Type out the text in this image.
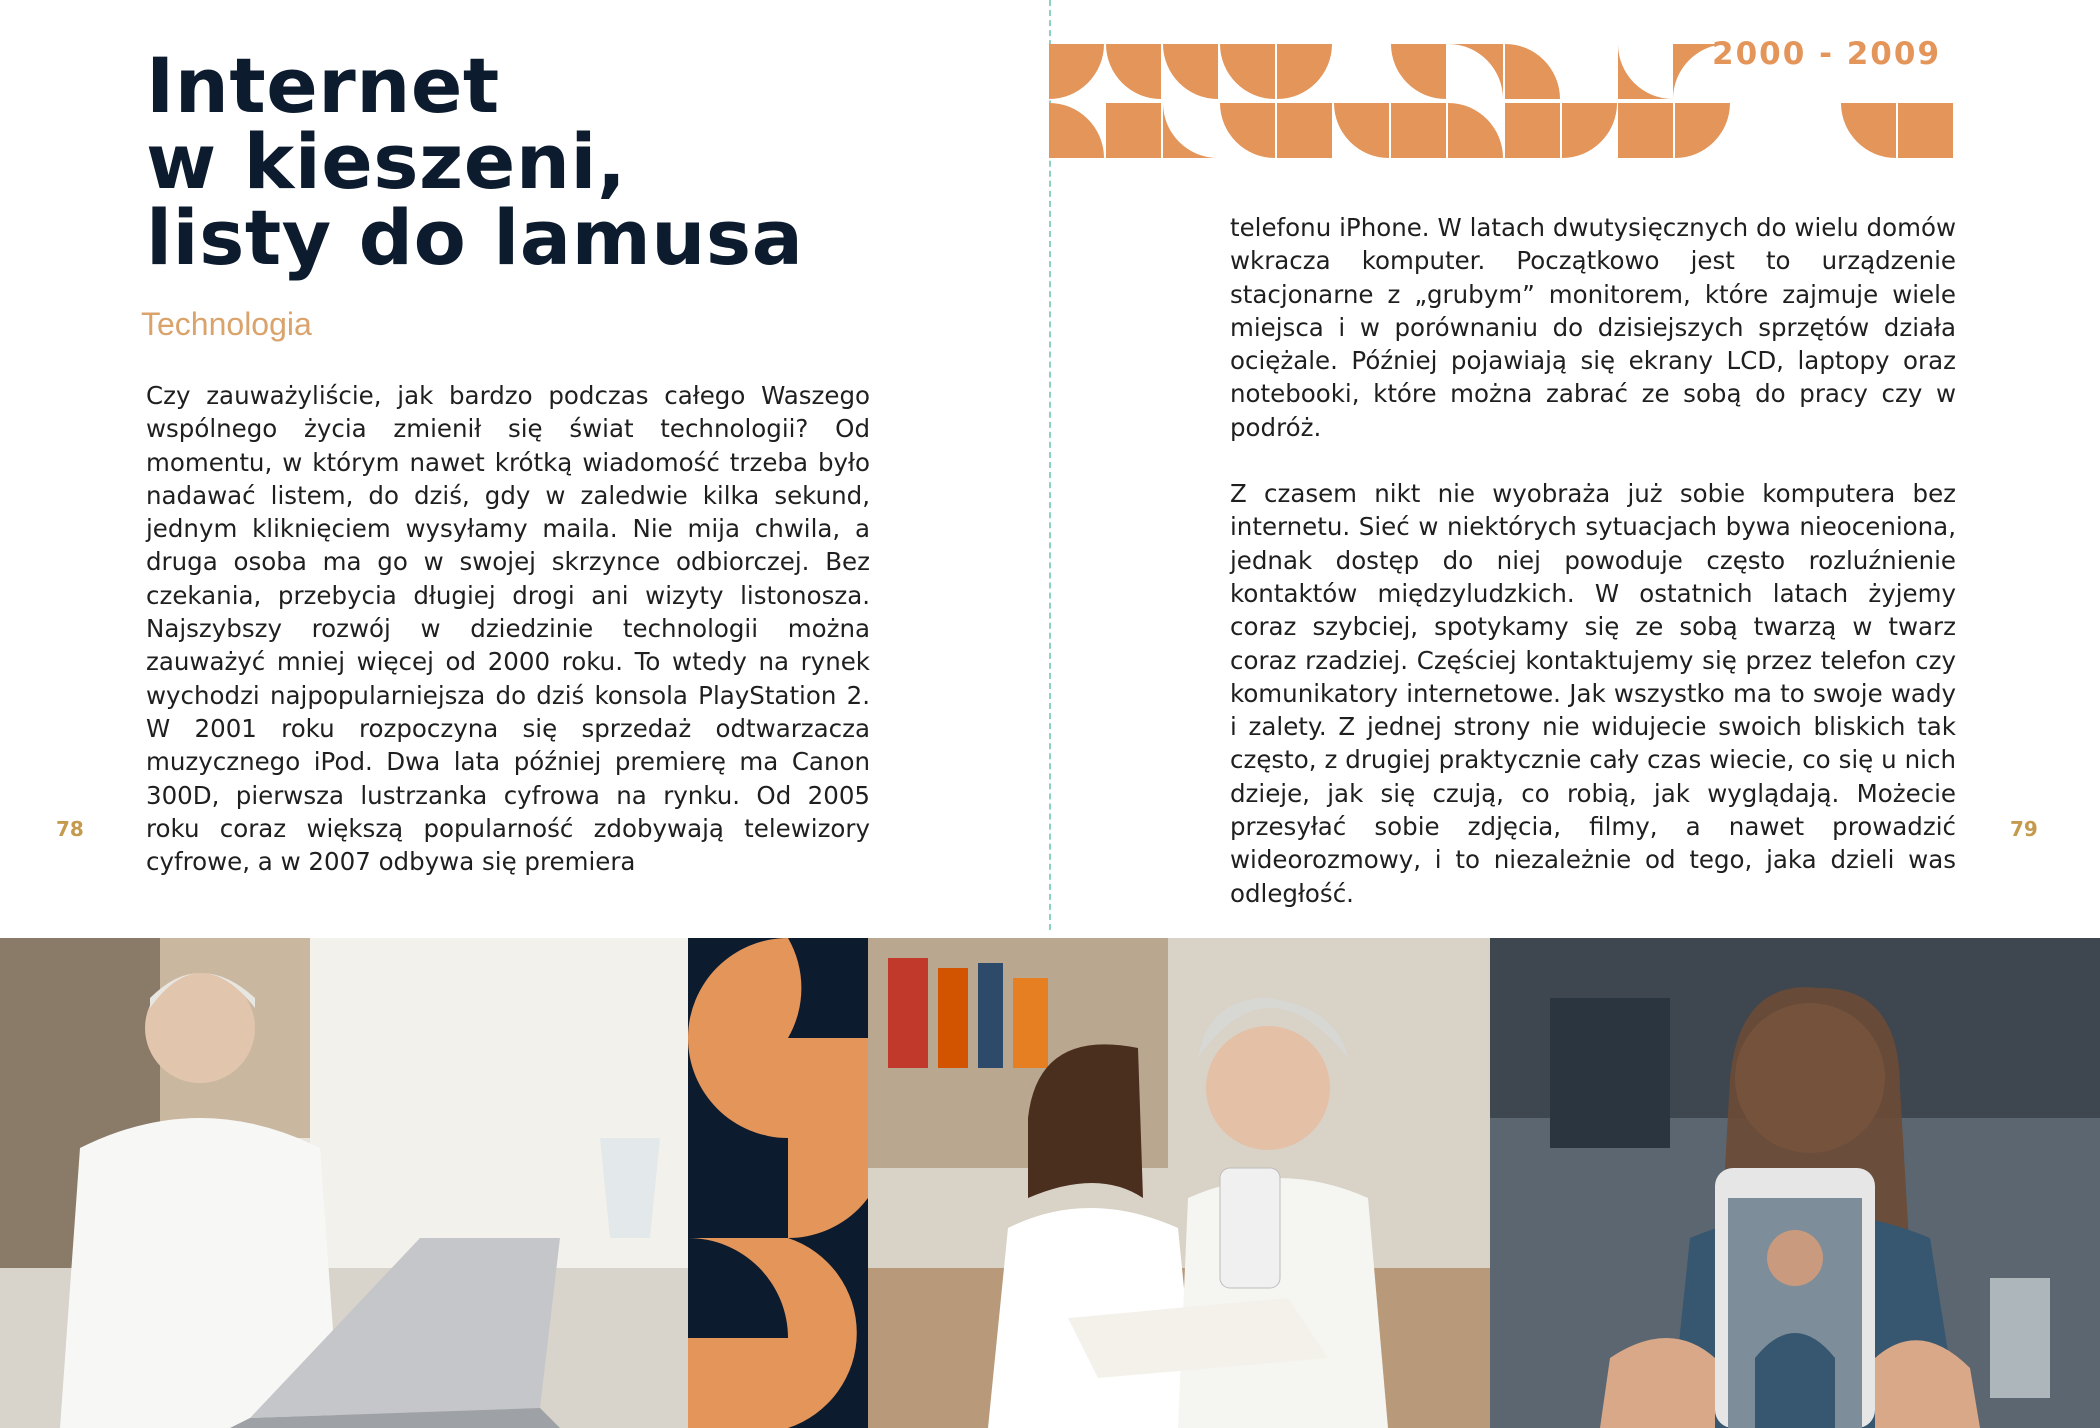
Internet
w kieszeni,
listy do lamusa
Technologia

Czy zauważyliście, jak bardzo podczas całego Waszego wspólnego życia zmienił się świat technologii? Od momentu, w którym nawet krótką wiadomość trzeba było nadawać listem, do dziś, gdy w zaledwie kilka sekund, jednym kliknięciem wysyłamy maila. Nie mija chwila, a druga osoba ma go w swojej skrzynce odbiorczej. Bez czekania, przebycia długiej drogi ani wizyty listonosza. Najszybszy rozwój w dziedzinie technologii można zauważyć mniej więcej od 2000 roku. To wtedy na rynek wychodzi najpopularniejsza do dziś konsola PlayStation 2. W 2001 roku rozpoczyna się sprzedaż odtwarzacza muzycznego iPod. Dwa lata później premierę ma Canon 300D, pierwsza lustrzanka cyfrowa na rynku. Od 2005 roku coraz większą popularność zdobywają telewizory cyfrowe, a w 2007 odbywa się premiera

78
2000 - 2009

telefonu iPhone. W latach dwutysięcznych do wielu domów wkracza komputer. Początkowo jest to urządzenie stacjonarne z „grubym” monitorem, które zajmuje wiele miejsca i w porównaniu do dzisiejszych sprzętów działa ociężale. Później pojawiają się ekrany LCD, laptopy oraz notebooki, które można zabrać ze sobą do pracy czy w podróż.

Z czasem nikt nie wyobraża już sobie komputera bez internetu. Sieć w niektórych sytuacjach bywa nieoceniona, jednak dostęp do niej powoduje często rozluźnienie kontaktów międzyludzkich. W ostatnich latach żyjemy coraz szybciej, spotykamy się ze sobą twarzą w twarz coraz rzadziej. Częściej kontaktujemy się przez telefon czy komunikatory internetowe. Jak wszystko ma to swoje wady i zalety. Z jednej strony nie widujecie swoich bliskich tak często, z drugiej praktycznie cały czas wiecie, co się u nich dzieje, jak się czują, co robią, jak wyglądają. Możecie przesyłać sobie zdjęcia, filmy, a nawet prowadzić wideorozmowy, i to niezależnie od tego, jaka dzieli was odległość.

79
